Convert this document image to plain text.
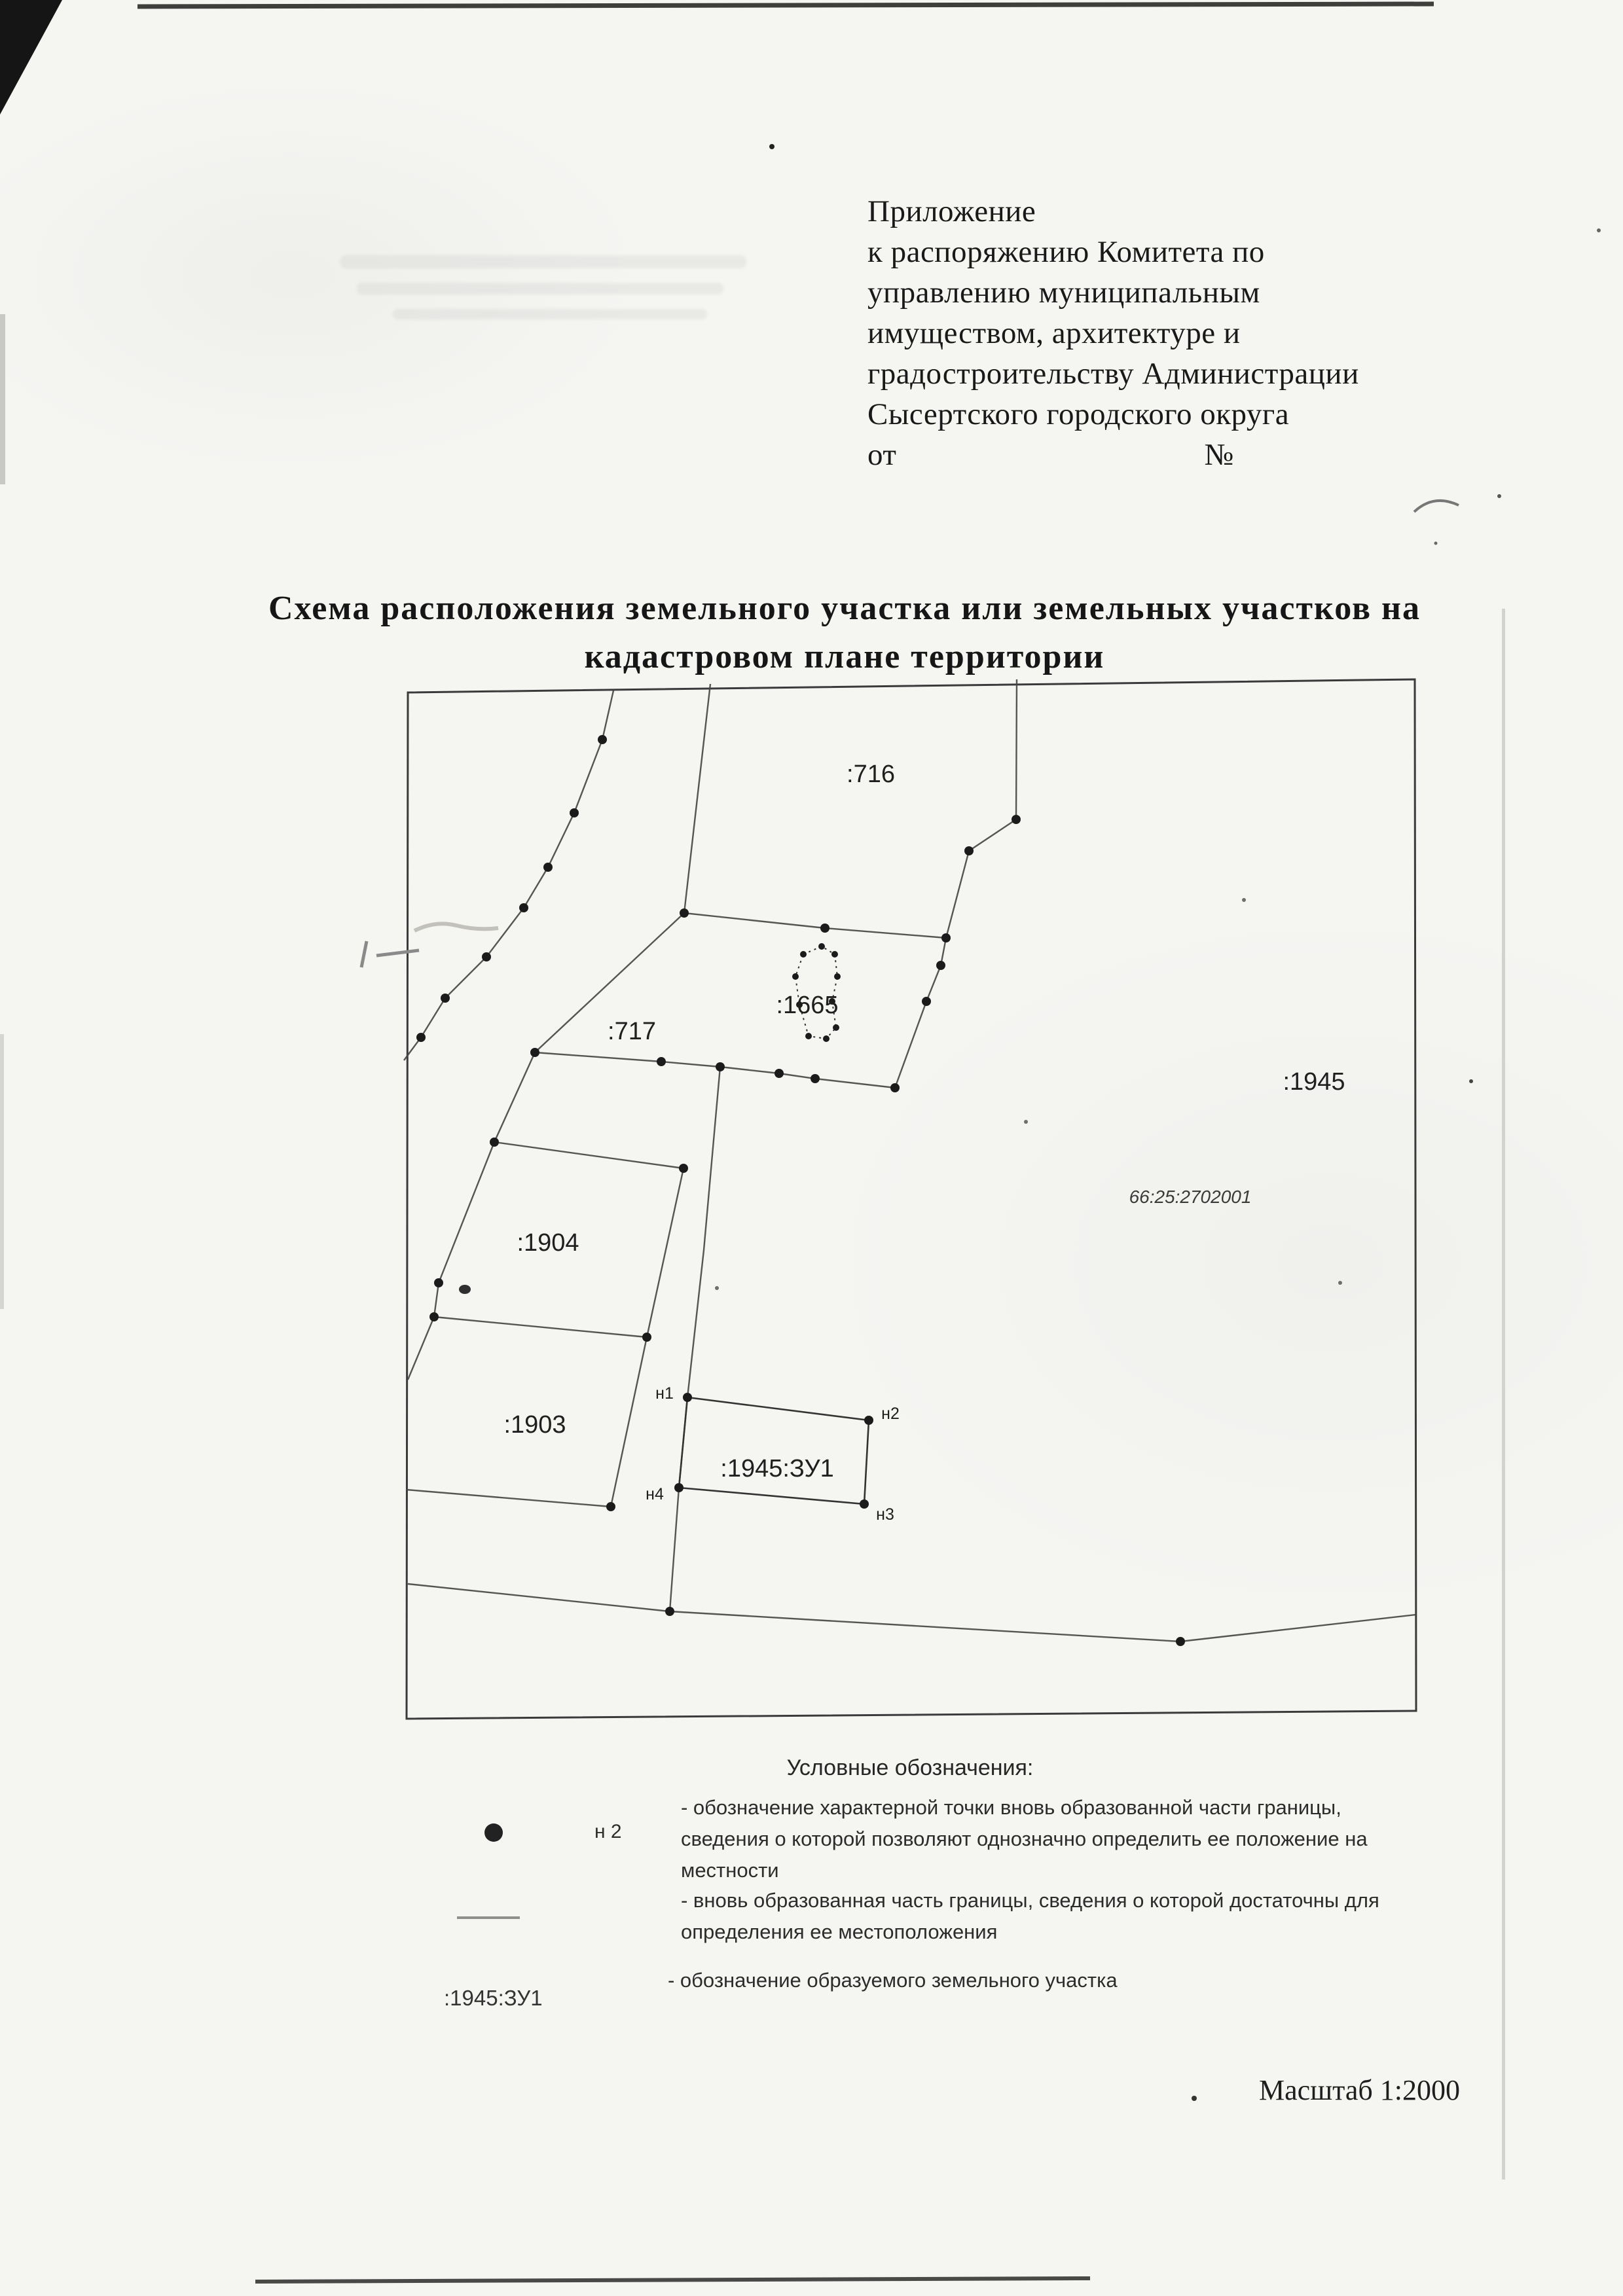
Приложение
к распоряжению Комитета по
управлению муниципальным
имуществом, архитектуре и
градостроительству Администрации
Сысертского городского округа
от	№
Схема расположения земельного участка или земельных участков на
кадастровом плане территории
:716
:717
:1665
:1945
66:25:2702001
:1904
:1903
:1945:ЗУ1
н1
н2
н3
н4
Условные обозначения:
н 2
- обозначение характерной точки вновь образованной части границы,
сведения о которой позволяют однозначно определить ее положение на
местности
- вновь образованная часть границы, сведения о которой достаточны для
определения ее местоположения
:1945:ЗУ1
- обозначение образуемого земельного участка
Масштаб 1:2000
